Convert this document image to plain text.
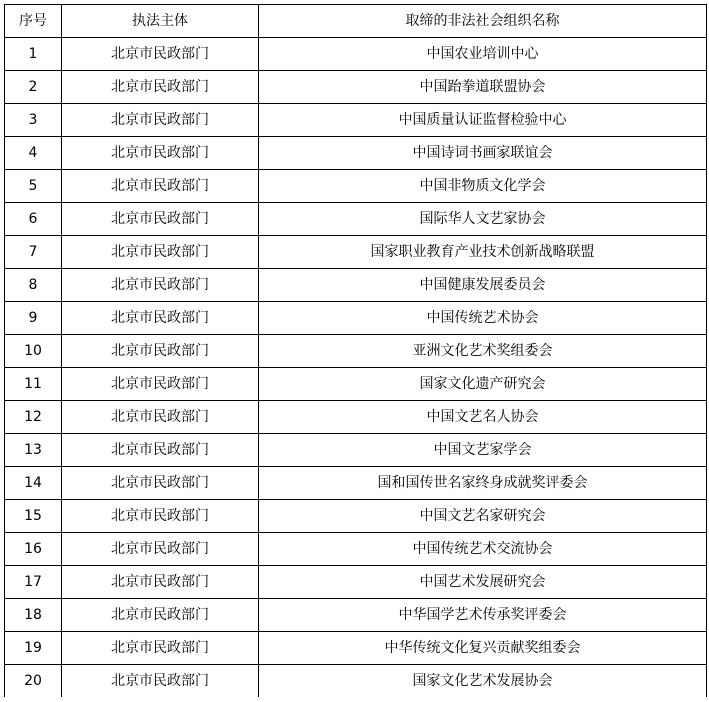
序号	执法主体	取缔的非法社会组织名称
1	北京市民政部门	中国农业培训中心
2	北京市民政部门	中国跆拳道联盟协会
3	北京市民政部门	中国质量认证监督检验中心
4	北京市民政部门	中国诗词书画家联谊会
5	北京市民政部门	中国非物质文化学会
6	北京市民政部门	国际华人文艺家协会
7	北京市民政部门	国家职业教育产业技术创新战略联盟
8	北京市民政部门	中国健康发展委员会
9	北京市民政部门	中国传统艺术协会
10	北京市民政部门	亚洲文化艺术奖组委会
11	北京市民政部门	国家文化遗产研究会
12	北京市民政部门	中国文艺名人协会
13	北京市民政部门	中国文艺家学会
14	北京市民政部门	国和国传世名家终身成就奖评委会
15	北京市民政部门	中国文艺名家研究会
16	北京市民政部门	中国传统艺术交流协会
17	北京市民政部门	中国艺术发展研究会
18	北京市民政部门	中华国学艺术传承奖评委会
19	北京市民政部门	中华传统文化复兴贡献奖组委会
20	北京市民政部门	国家文化艺术发展协会
